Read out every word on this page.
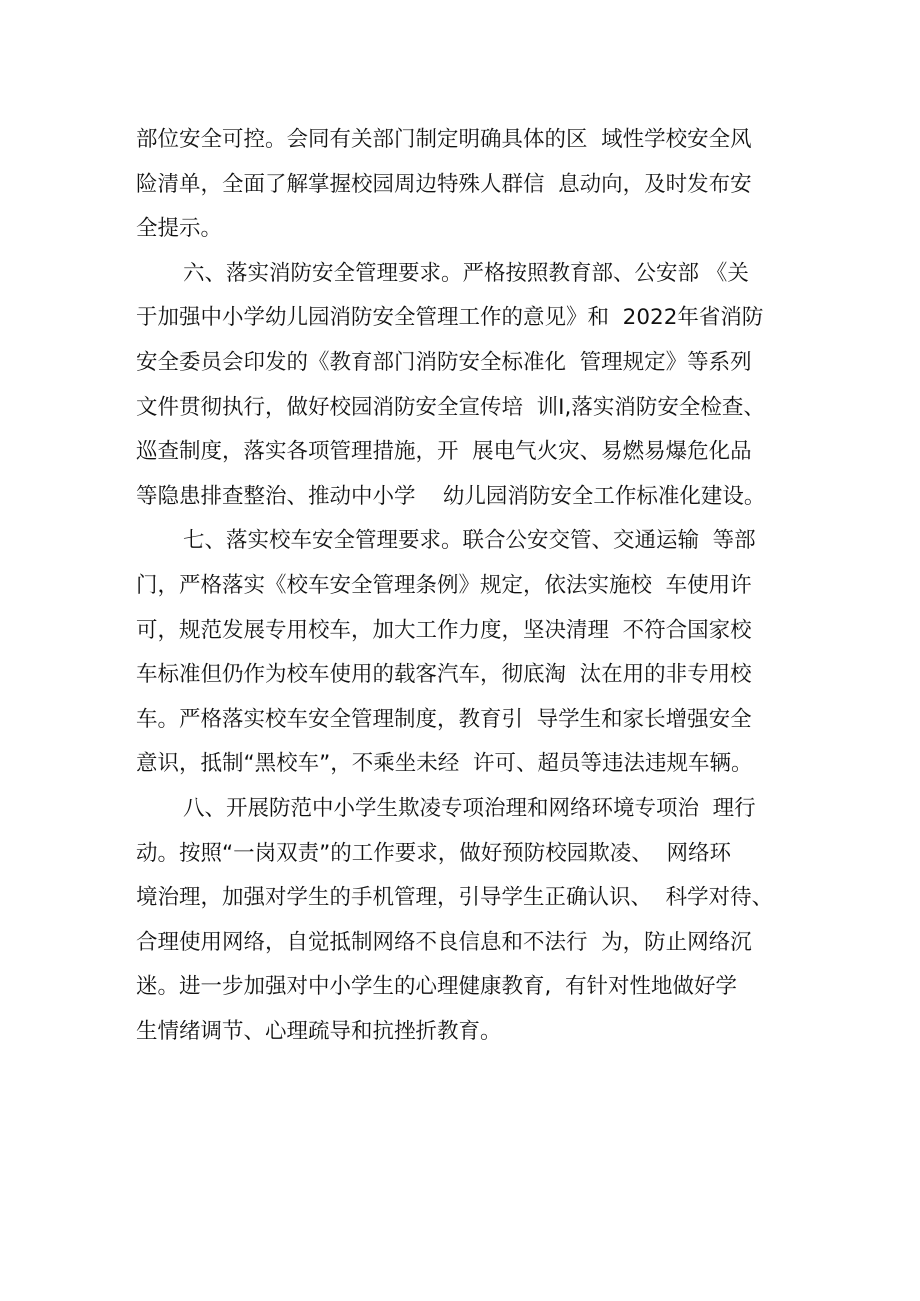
部位安全可控。会同有关部门制定明确具体的区  域性学校安全风
险清单，全面了解掌握校园周边特殊人群信  息动向，及时发布安
全提示。
六、落实消防安全管理要求。严格按照教育部、公安部 《关
于加强中小学幼儿园消防安全管理工作的意见》和  2022年省消防
安全委员会印发的《教育部门消防安全标准化  管理规定》等系列
文件贯彻执行，做好校园消防安全宣传培  训I,落实消防安全检查、
巡查制度，落实各项管理措施，开  展电气火灾、易燃易爆危化品
等隐患排查整治、推动中小学    幼儿园消防安全工作标准化建设。
七、落实校车安全管理要求。联合公安交管、交通运输  等部
门，严格落实《校车安全管理条例》规定，依法实施校  车使用许
可，规范发展专用校车，加大工作力度，坚决清理  不符合国家校
车标准但仍作为校车使用的载客汽车，彻底淘  汰在用的非专用校
车。严格落实校车安全管理制度，教育引  导学生和家长增强安全
意识，抵制“黑校车”，不乘坐未经  许可、超员等违法违规车辆。
八、开展防范中小学生欺凌专项治理和网络环境专项治  理行
动。按照“一岗双责”的工作要求，做好预防校园欺凌、  网络环
境治理，加强对学生的手机管理，引导学生正确认识、  科学对待、
合理使用网络，自觉抵制网络不良信息和不法行  为，防止网络沉
迷。进一步加强对中小学生的心理健康教育,  有针对性地做好学
生情绪调节、心理疏导和抗挫折教育。
